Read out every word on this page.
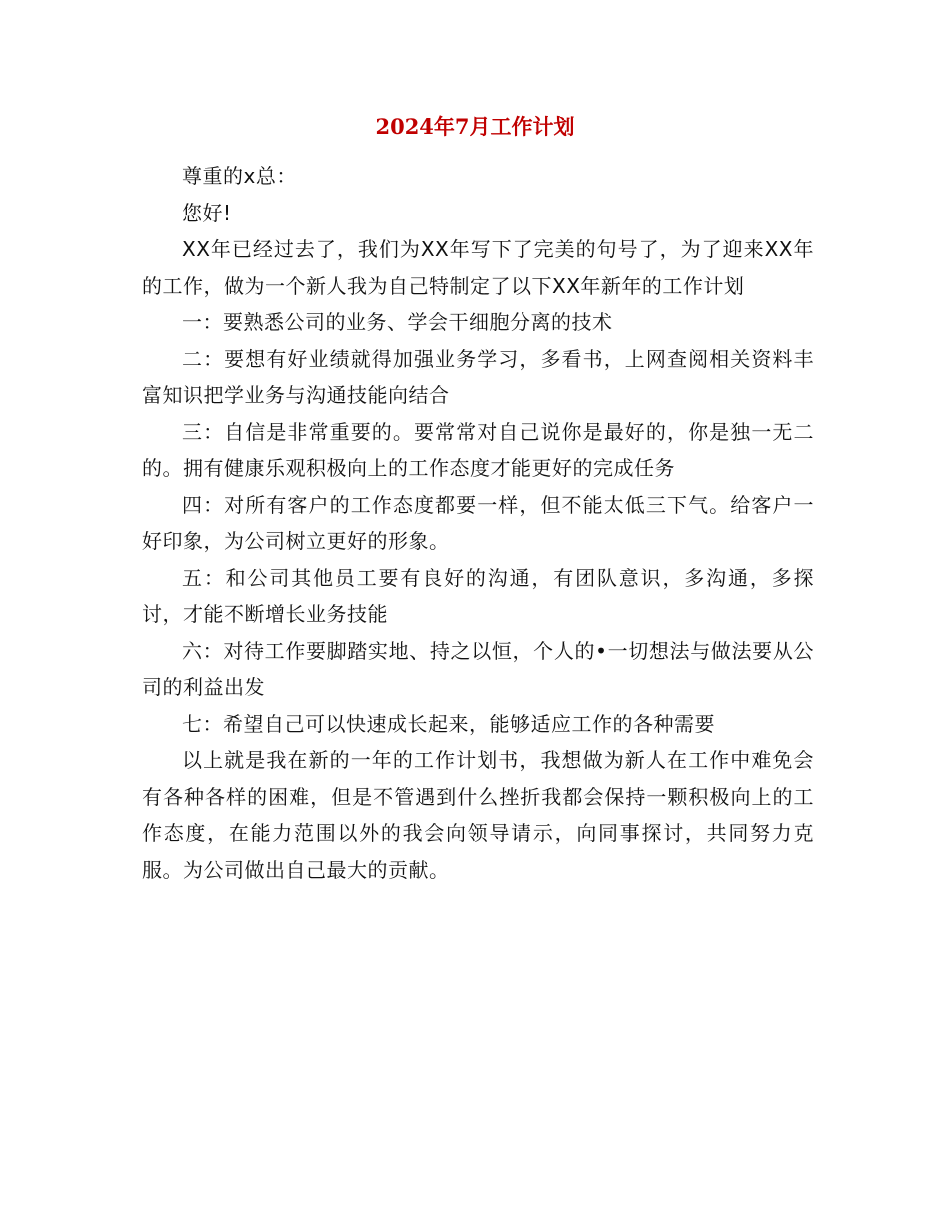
2024年7月工作计划

尊重的x总：

您好!

XX年已经过去了，我们为XX年写下了完美的句号了，为了迎来XX年的工作，做为一个新人我为自己特制定了以下XX年新年的工作计划

一：要熟悉公司的业务、学会干细胞分离的技术

二：要想有好业绩就得加强业务学习，多看书，上网查阅相关资料丰富知识把学业务与沟通技能向结合

三：自信是非常重要的。要常常对自己说你是最好的，你是独一无二的。拥有健康乐观积极向上的工作态度才能更好的完成任务

四：对所有客户的工作态度都要一样，但不能太低三下气。给客户一好印象，为公司树立更好的形象。

五：和公司其他员工要有良好的沟通，有团队意识，多沟通，多探讨，才能不断增长业务技能

六：对待工作要脚踏实地、持之以恒，个人的•一切想法与做法要从公司的利益出发

七：希望自己可以快速成长起来，能够适应工作的各种需要

以上就是我在新的一年的工作计划书，我想做为新人在工作中难免会有各种各样的困难，但是不管遇到什么挫折我都会保持一颗积极向上的工作态度，在能力范围以外的我会向领导请示，向同事探讨，共同努力克服。为公司做出自己最大的贡献。
